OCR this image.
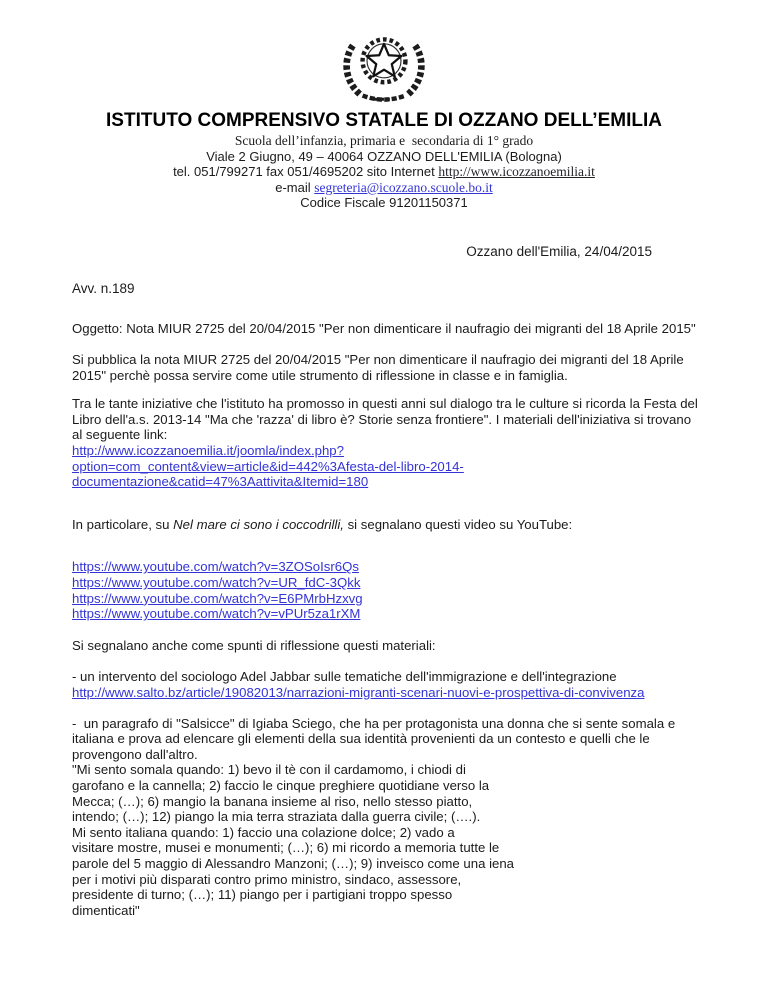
ISTITUTO COMPRENSIVO STATALE DI OZZANO DELL’EMILIA
Scuola dell’infanzia, primaria e  secondaria di 1° grado
Viale 2 Giugno, 49 – 40064 OZZANO DELL'EMILIA (Bologna)
tel. 051/799271 fax 051/4695202 sito Internet http://www.icozzanoemilia.it
e-mail segreteria@icozzano.scuole.bo.it
Codice Fiscale 91201150371
Ozzano dell'Emilia, 24/04/2015
Avv. n.189
Oggetto: Nota MIUR 2725 del 20/04/2015 "Per non dimenticare il naufragio dei migranti del 18 Aprile 2015"
Si pubblica la nota MIUR 2725 del 20/04/2015 "Per non dimenticare il naufragio dei migranti del 18 Aprile 2015" perchè possa servire come utile strumento di riflessione in classe e in famiglia.
Tra le tante iniziative che l'istituto ha promosso in questi anni sul dialogo tra le culture si ricorda la Festa del Libro dell'a.s. 2013-14 "Ma che 'razza' di libro è? Storie senza frontiere". I materiali dell'iniziativa si trovano al seguente link:
http://www.icozzanoemilia.it/joomla/index.php?
option=com_content&view=article&id=442%3Afesta-del-libro-2014-
documentazione&catid=47%3Aattivita&Itemid=180
In particolare, su Nel mare ci sono i coccodrilli, si segnalano questi video su YouTube:
https://www.youtube.com/watch?v=3ZOSoIsr6Qs
https://www.youtube.com/watch?v=UR_fdC-3Qkk
https://www.youtube.com/watch?v=E6PMrbHzxvg
https://www.youtube.com/watch?v=vPUr5za1rXM
Si segnalano anche come spunti di riflessione questi materiali:
- un intervento del sociologo Adel Jabbar sulle tematiche dell'immigrazione e dell'integrazione
http://www.salto.bz/article/19082013/narrazioni-migranti-scenari-nuovi-e-prospettiva-di-convivenza
-  un paragrafo di "Salsicce" di Igiaba Sciego, che ha per protagonista una donna che si sente somala e italiana e prova ad elencare gli elementi della sua identità provenienti da un contesto e quelli che le provengono dall'altro.
"Mi sento somala quando: 1) bevo il tè con il cardamomo, i chiodi di
garofano e la cannella; 2) faccio le cinque preghiere quotidiane verso la
Mecca; (…); 6) mangio la banana insieme al riso, nello stesso piatto,
intendo; (…); 12) piango la mia terra straziata dalla guerra civile; (….).
Mi sento italiana quando: 1) faccio una colazione dolce; 2) vado a
visitare mostre, musei e monumenti; (…); 6) mi ricordo a memoria tutte le
parole del 5 maggio di Alessandro Manzoni; (…); 9) inveisco come una iena
per i motivi più disparati contro primo ministro, sindaco, assessore,
presidente di turno; (…); 11) piango per i partigiani troppo spesso
dimenticati"
